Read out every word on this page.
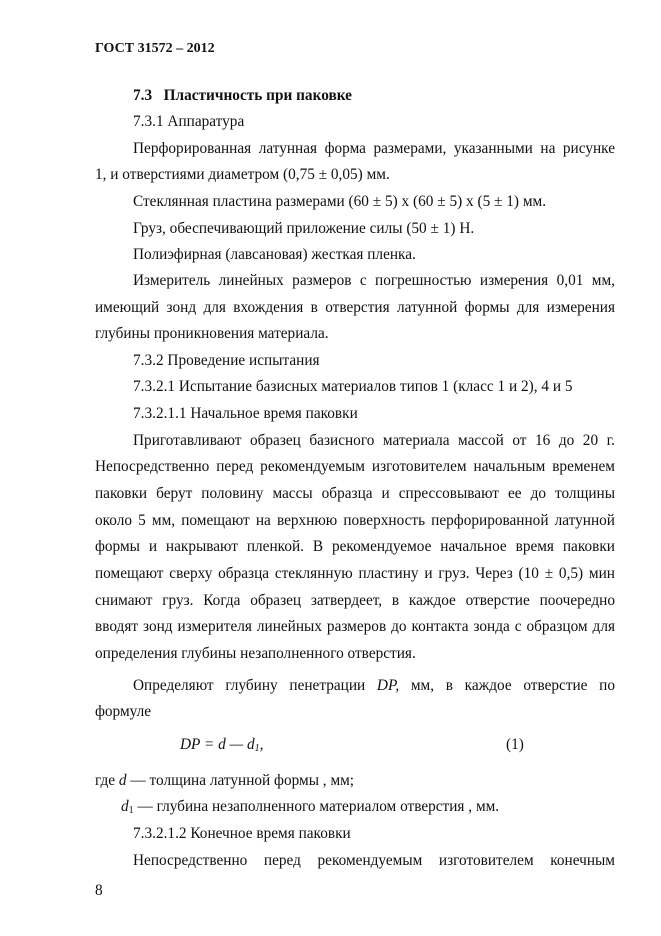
ГОСТ 31572 – 2012
7.3 Пластичность при паковке
7.3.1 Аппаратура
Перфорированная латунная форма размерами, указанными на рисунке
1, и отверстиями диаметром (0,75 ± 0,05) мм.
Стеклянная пластина размерами (60 ± 5) x (60 ± 5) x (5 ± 1) мм.
Груз, обеспечивающий приложение силы (50 ± 1) Н.
Полиэфирная (лавсановая) жесткая пленка.
Измеритель линейных размеров с погрешностью измерения 0,01 мм,
имеющий зонд для вхождения в отверстия латунной формы для измерения
глубины проникновения материала.
7.3.2 Проведение испытания
7.3.2.1 Испытание базисных материалов типов 1 (класс 1 и 2), 4 и 5
7.3.2.1.1 Начальное время паковки
Приготавливают образец базисного материала массой от 16 до 20 г.
Непосредственно перед рекомендуемым изготовителем начальным временем
паковки берут половину массы образца и спрессовывают ее до толщины
около 5 мм, помещают на верхнюю поверхность перфорированной латунной
формы и накрывают пленкой. В рекомендуемое начальное время паковки
помещают сверху образца стеклянную пластину и груз. Через (10 ± 0,5) мин
снимают груз. Когда образец затвердеет, в каждое отверстие поочередно
вводят зонд измерителя линейных размеров до контакта зонда с образцом для
определения глубины незаполненного отверстия.
Определяют глубину пенетрации DP, мм, в каждое отверстие по
формуле
DP = d — $d_1$,	(1)
где d — толщина латунной формы , мм;
$d_1$ — глубина незаполненного материалом отверстия , мм.
7.3.2.1.2 Конечное время паковки
Непосредственно перед рекомендуемым изготовителем конечным
8
